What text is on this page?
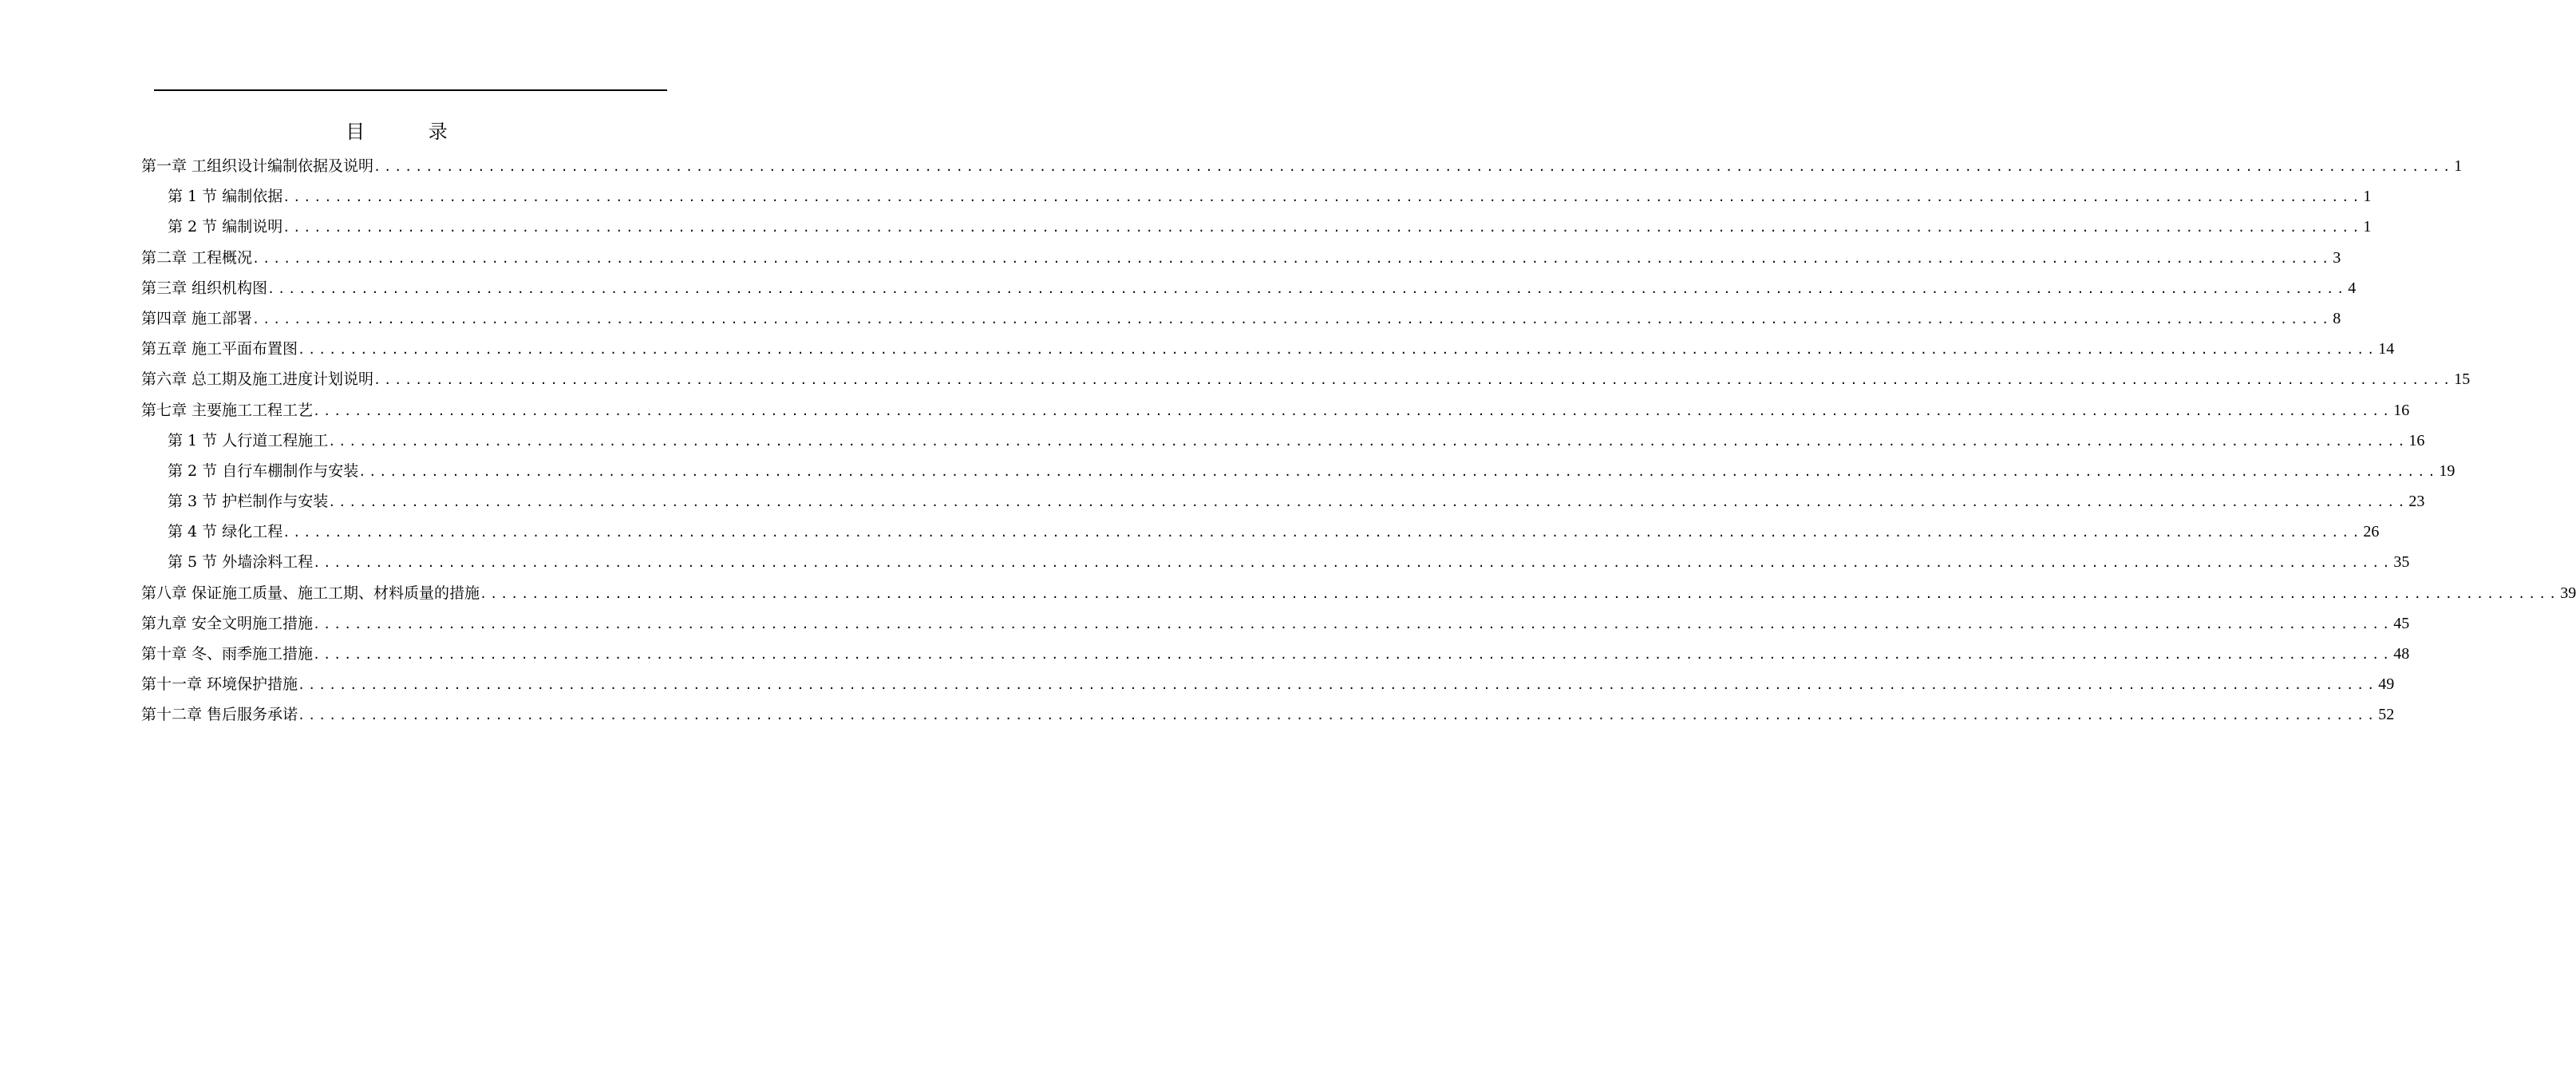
目 录
第一章 工组织设计编制依据及说明 ........................................................................................................................................................................................................ 1
第 1 节 编制依据 ........................................................................................................................................................................................................ 1
第 2 节 编制说明 ........................................................................................................................................................................................................ 1
第二章 工程概况 ........................................................................................................................................................................................................ 3
第三章 组织机构图 ........................................................................................................................................................................................................ 4
第四章 施工部署 ........................................................................................................................................................................................................ 8
第五章 施工平面布置图 ........................................................................................................................................................................................................ 14
第六章 总工期及施工进度计划说明 ........................................................................................................................................................................................................ 15
第七章 主要施工工程工艺 ........................................................................................................................................................................................................ 16
第 1 节 人行道工程施工 ........................................................................................................................................................................................................ 16
第 2 节 自行车棚制作与安装 ........................................................................................................................................................................................................ 19
第 3 节 护栏制作与安装 ........................................................................................................................................................................................................ 23
第 4 节 绿化工程 ........................................................................................................................................................................................................ 26
第 5 节 外墙涂料工程 ........................................................................................................................................................................................................ 35
第八章 保证施工质量、施工工期、材料质量的措施 ........................................................................................................................................................................................................ 39
第九章 安全文明施工措施 ........................................................................................................................................................................................................ 45
第十章 冬、雨季施工措施 ........................................................................................................................................................................................................ 48
第十一章 环境保护措施 ........................................................................................................................................................................................................ 49
第十二章 售后服务承诺 ........................................................................................................................................................................................................ 52
